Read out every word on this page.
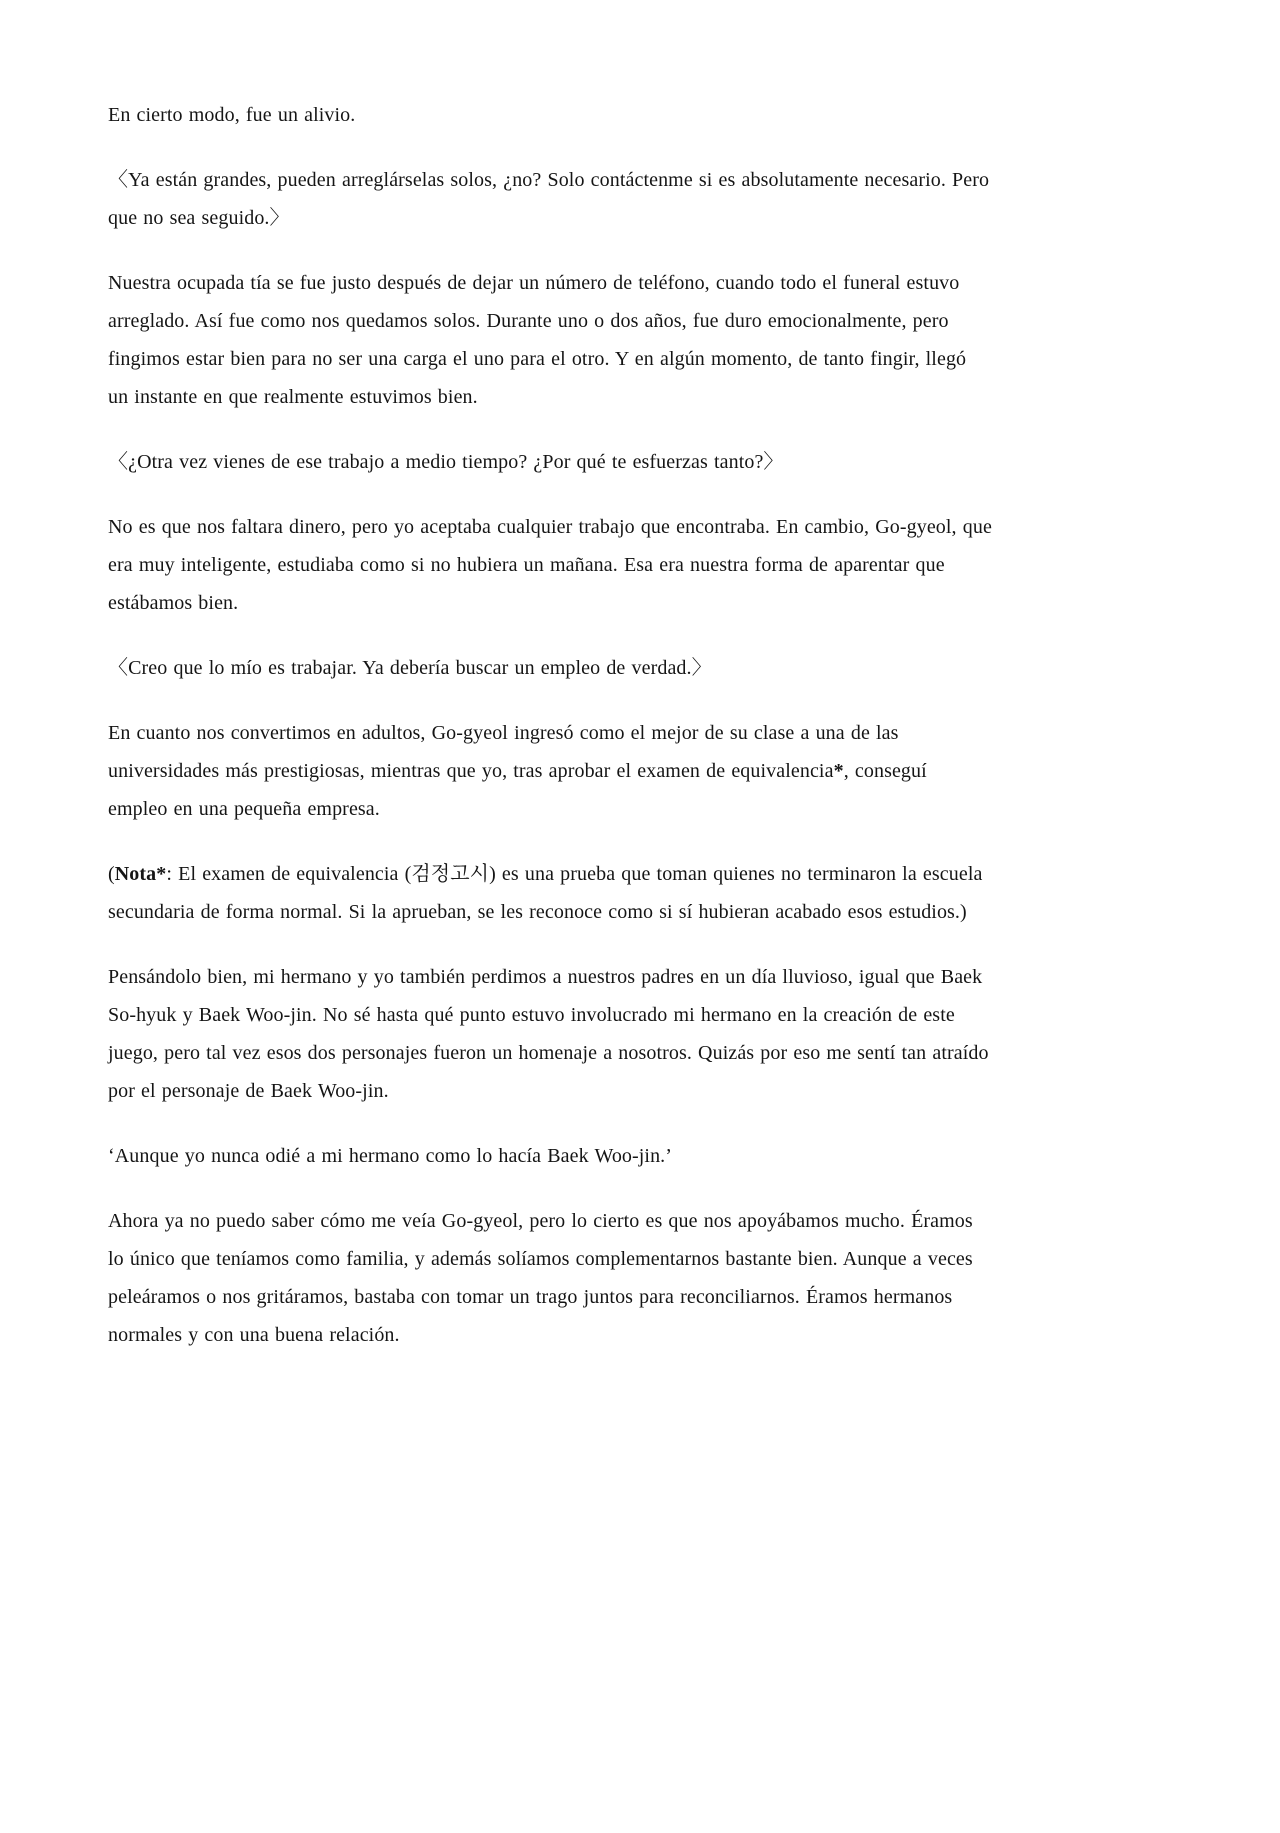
En cierto modo, fue un alivio.

〈Ya están grandes, pueden arreglárselas solos, ¿no? Solo contáctenme si es absolutamente necesario. Pero que no sea seguido.〉

Nuestra ocupada tía se fue justo después de dejar un número de teléfono, cuando todo el funeral estuvo arreglado. Así fue como nos quedamos solos. Durante uno o dos años, fue duro emocionalmente, pero fingimos estar bien para no ser una carga el uno para el otro. Y en algún momento, de tanto fingir, llegó un instante en que realmente estuvimos bien.

〈¿Otra vez vienes de ese trabajo a medio tiempo? ¿Por qué te esfuerzas tanto?〉

No es que nos faltara dinero, pero yo aceptaba cualquier trabajo que encontraba. En cambio, Go-gyeol, que era muy inteligente, estudiaba como si no hubiera un mañana. Esa era nuestra forma de aparentar que estábamos bien.

〈Creo que lo mío es trabajar. Ya debería buscar un empleo de verdad.〉

En cuanto nos convertimos en adultos, Go-gyeol ingresó como el mejor de su clase a una de las universidades más prestigiosas, mientras que yo, tras aprobar el examen de equivalencia*, conseguí empleo en una pequeña empresa.

(Nota*: El examen de equivalencia (검정고시) es una prueba que toman quienes no terminaron la escuela secundaria de forma normal. Si la aprueban, se les reconoce como si sí hubieran acabado esos estudios.)

Pensándolo bien, mi hermano y yo también perdimos a nuestros padres en un día lluvioso, igual que Baek So-hyuk y Baek Woo-jin. No sé hasta qué punto estuvo involucrado mi hermano en la creación de este juego, pero tal vez esos dos personajes fueron un homenaje a nosotros. Quizás por eso me sentí tan atraído por el personaje de Baek Woo-jin.

‘Aunque yo nunca odié a mi hermano como lo hacía Baek Woo-jin.’

Ahora ya no puedo saber cómo me veía Go-gyeol, pero lo cierto es que nos apoyábamos mucho. Éramos lo único que teníamos como familia, y además solíamos complementarnos bastante bien. Aunque a veces peleáramos o nos gritáramos, bastaba con tomar un trago juntos para reconciliarnos. Éramos hermanos normales y con una buena relación.
